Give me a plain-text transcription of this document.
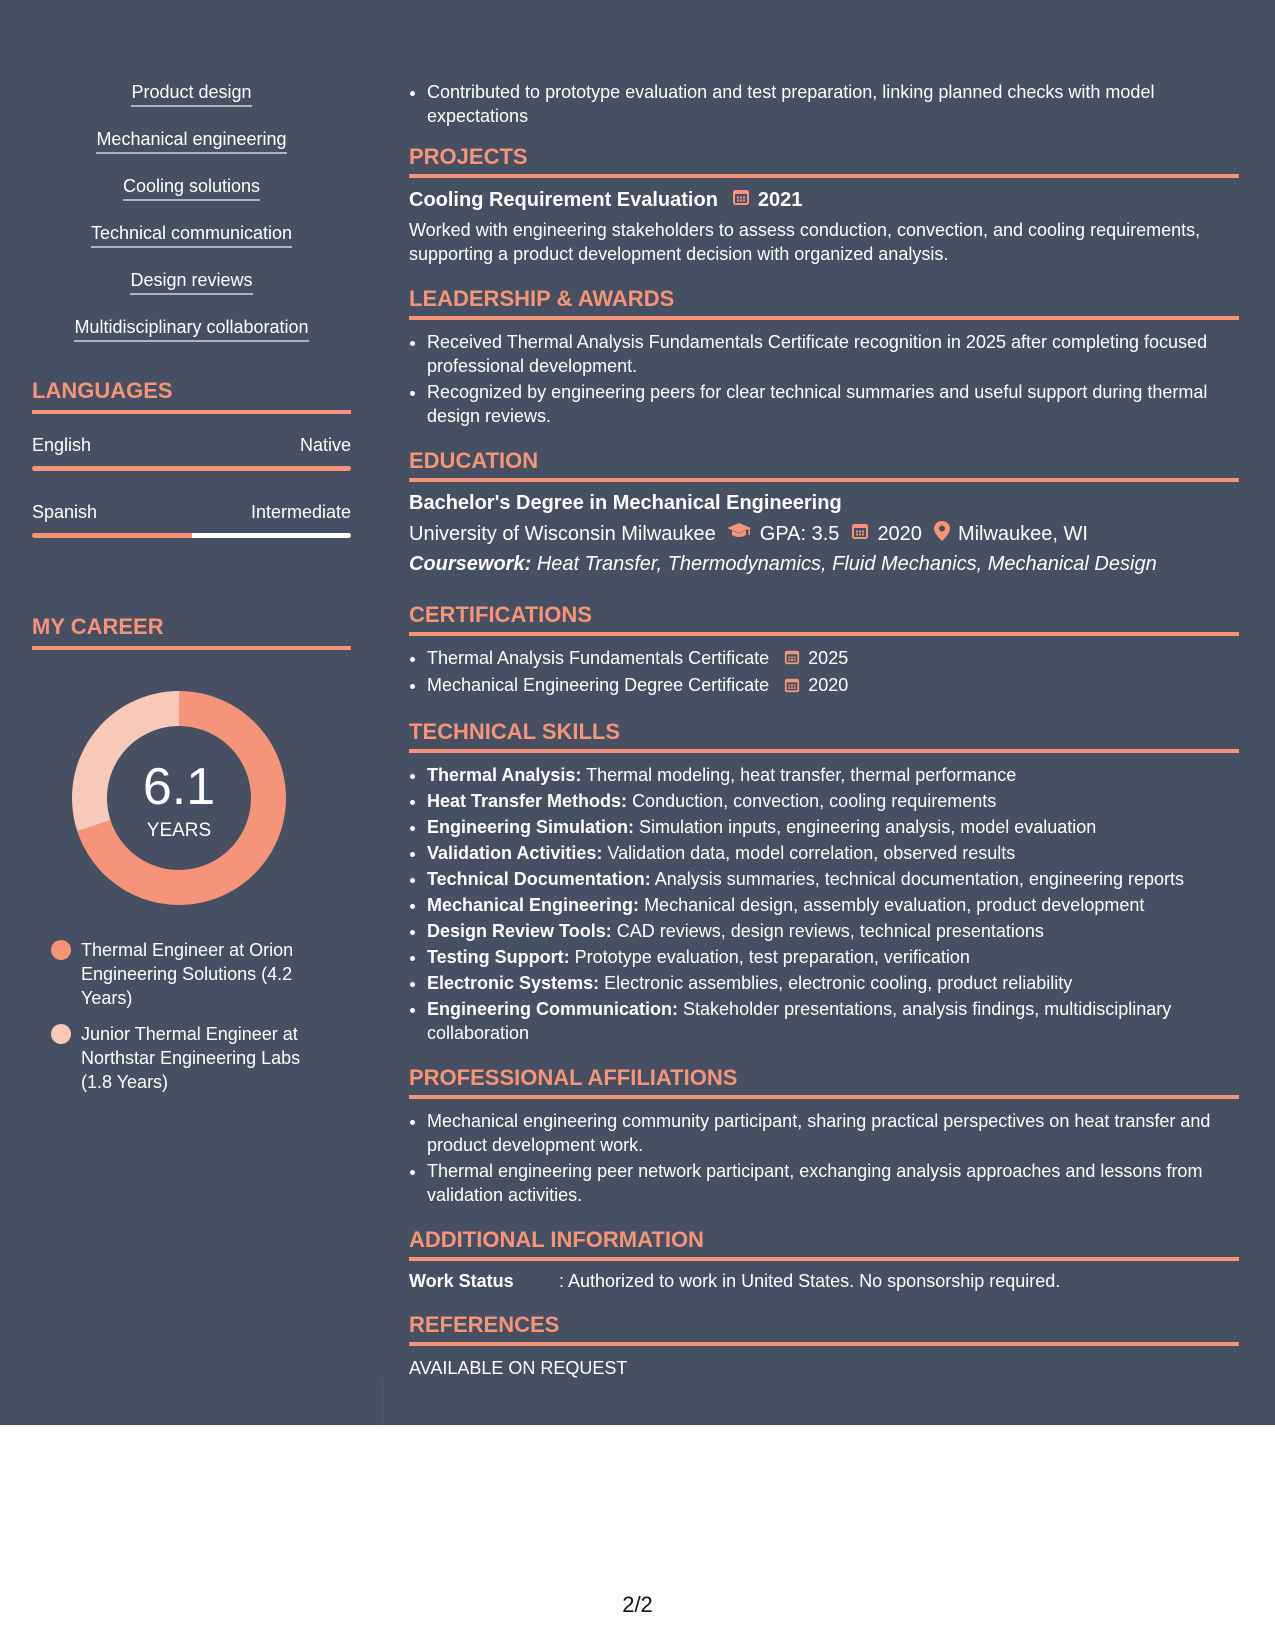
Product design
Mechanical engineering
Cooling solutions
Technical communication
Design reviews
Multidisciplinary collaboration
LANGUAGES
English	Native
Spanish	Intermediate
MY CAREER
6.1
YEARS
Thermal Engineer at Orion Engineering Solutions (4.2 Years)
Junior Thermal Engineer at Northstar Engineering Labs (1.8 Years)
• Contributed to prototype evaluation and test preparation, linking planned checks with model expectations
PROJECTS
Cooling Requirement Evaluation 2021
Worked with engineering stakeholders to assess conduction, convection, and cooling requirements, supporting a product development decision with organized analysis.
LEADERSHIP & AWARDS
• Received Thermal Analysis Fundamentals Certificate recognition in 2025 after completing focused professional development.
• Recognized by engineering peers for clear technical summaries and useful support during thermal design reviews.
EDUCATION
Bachelor's Degree in Mechanical Engineering
University of Wisconsin Milwaukee GPA: 3.5 2020 Milwaukee, WI
Coursework: Heat Transfer, Thermodynamics, Fluid Mechanics, Mechanical Design
CERTIFICATIONS
• Thermal Analysis Fundamentals Certificate 2025
• Mechanical Engineering Degree Certificate 2020
TECHNICAL SKILLS
• Thermal Analysis: Thermal modeling, heat transfer, thermal performance
• Heat Transfer Methods: Conduction, convection, cooling requirements
• Engineering Simulation: Simulation inputs, engineering analysis, model evaluation
• Validation Activities: Validation data, model correlation, observed results
• Technical Documentation: Analysis summaries, technical documentation, engineering reports
• Mechanical Engineering: Mechanical design, assembly evaluation, product development
• Design Review Tools: CAD reviews, design reviews, technical presentations
• Testing Support: Prototype evaluation, test preparation, verification
• Electronic Systems: Electronic assemblies, electronic cooling, product reliability
• Engineering Communication: Stakeholder presentations, analysis findings, multidisciplinary collaboration
PROFESSIONAL AFFILIATIONS
• Mechanical engineering community participant, sharing practical perspectives on heat transfer and product development work.
• Thermal engineering peer network participant, exchanging analysis approaches and lessons from validation activities.
ADDITIONAL INFORMATION
Work Status	: Authorized to work in United States. No sponsorship required.
REFERENCES
AVAILABLE ON REQUEST
2/2
